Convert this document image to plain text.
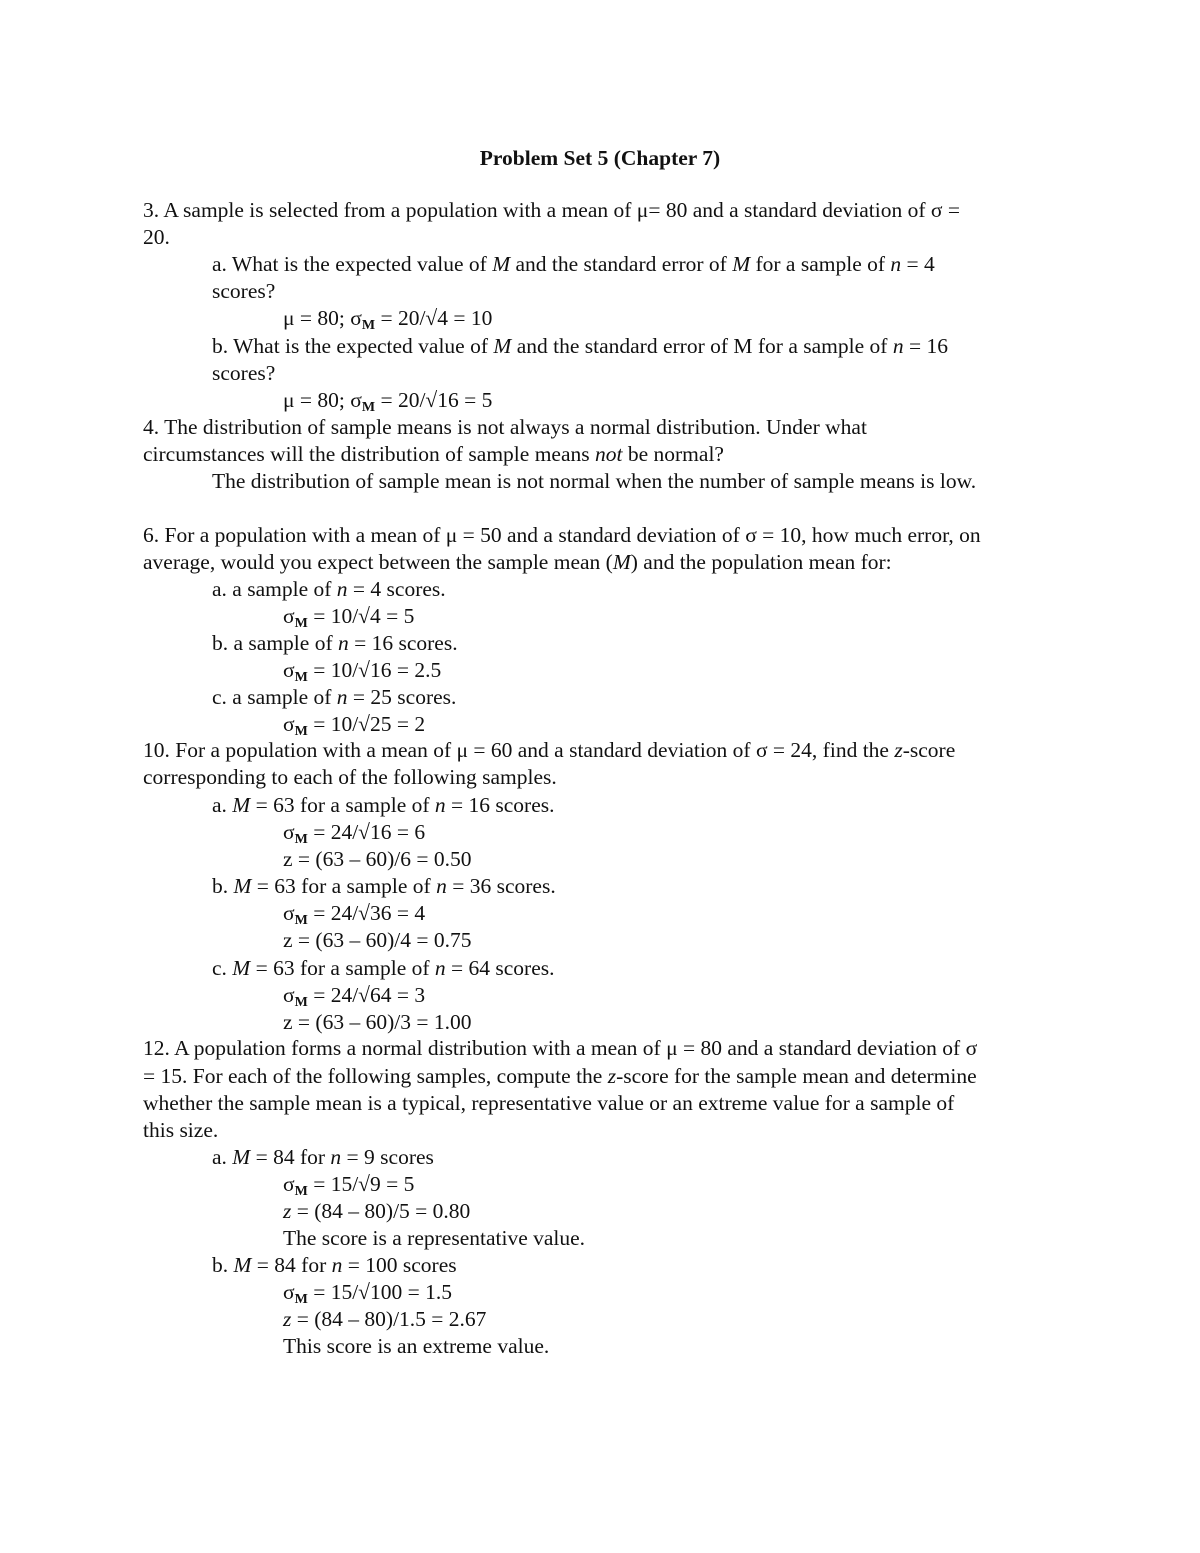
Problem Set 5 (Chapter 7)
3. A sample is selected from a population with a mean of μ= 80 and a standard deviation of σ =
20.
a. What is the expected value of M and the standard error of M for a sample of n = 4
scores?
μ = 80; σM = 20/√4 = 10
b. What is the expected value of M and the standard error of M for a sample of n = 16
scores?
μ = 80; σM = 20/√16 = 5
4. The distribution of sample means is not always a normal distribution. Under what
circumstances will the distribution of sample means not be normal?
The distribution of sample mean is not normal when the number of sample means is low.
6. For a population with a mean of μ = 50 and a standard deviation of σ = 10, how much error, on
average, would you expect between the sample mean (M) and the population mean for:
a. a sample of n = 4 scores.
σM = 10/√4 = 5
b. a sample of n = 16 scores.
σM = 10/√16 = 2.5
c. a sample of n = 25 scores.
σM = 10/√25 = 2
10. For a population with a mean of μ = 60 and a standard deviation of σ = 24, find the z-score
corresponding to each of the following samples.
a. M = 63 for a sample of n = 16 scores.
σM = 24/√16 = 6
z = (63 – 60)/6 = 0.50
b. M = 63 for a sample of n = 36 scores.
σM = 24/√36 = 4
z = (63 – 60)/4 = 0.75
c. M = 63 for a sample of n = 64 scores.
σM = 24/√64 = 3
z = (63 – 60)/3 = 1.00
12. A population forms a normal distribution with a mean of μ = 80 and a standard deviation of σ
= 15. For each of the following samples, compute the z-score for the sample mean and determine
whether the sample mean is a typical, representative value or an extreme value for a sample of
this size.
a. M = 84 for n = 9 scores
σM = 15/√9 = 5
z = (84 – 80)/5 = 0.80
The score is a representative value.
b. M = 84 for n = 100 scores
σM = 15/√100 = 1.5
z = (84 – 80)/1.5 = 2.67
This score is an extreme value.
